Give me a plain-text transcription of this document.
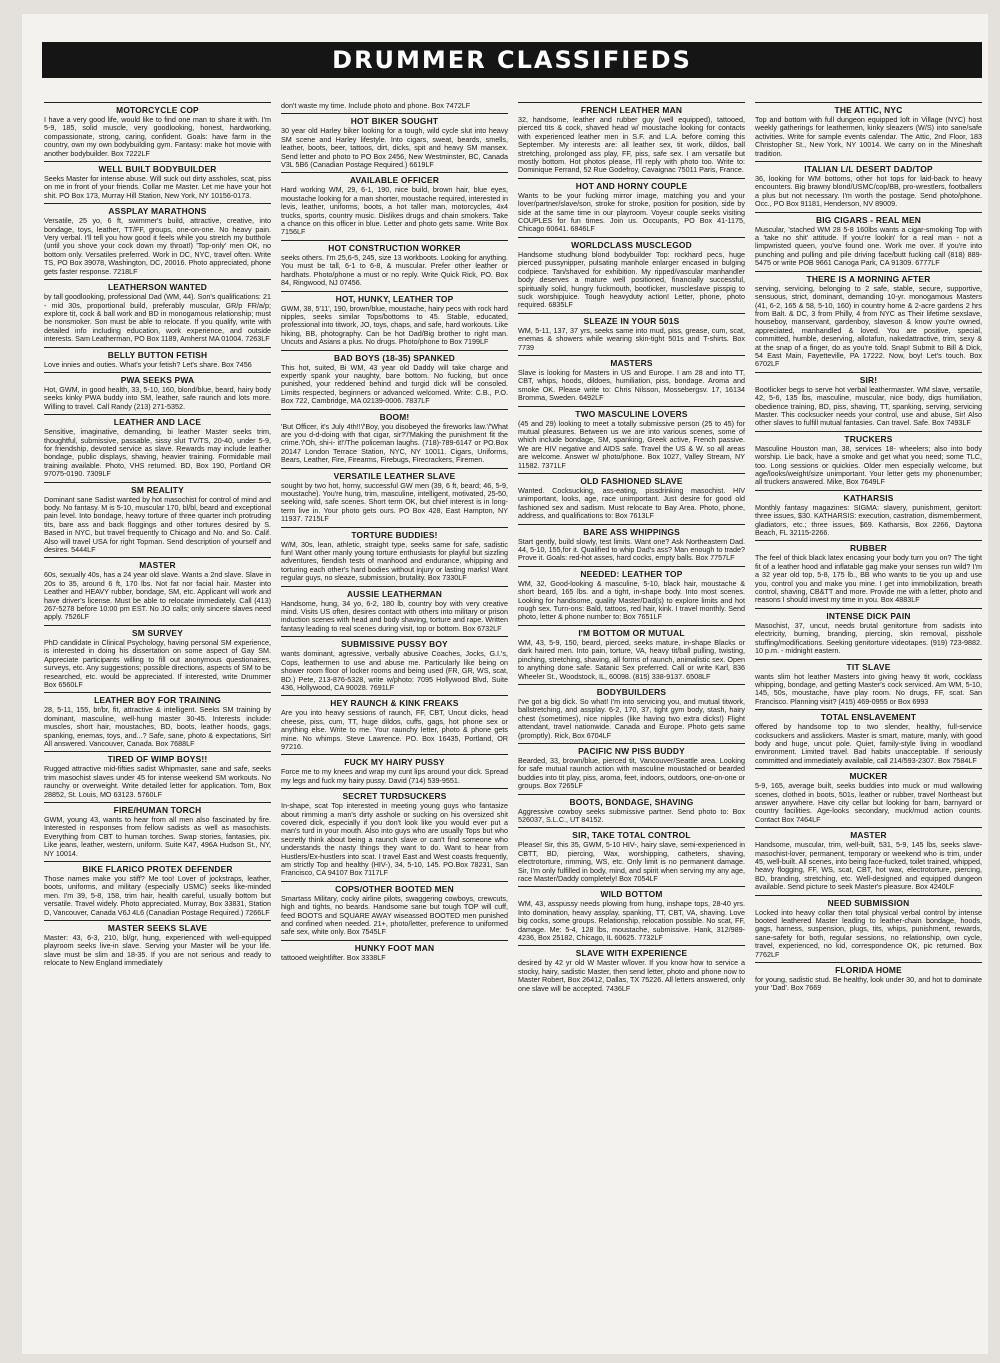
DRUMMER CLASSIFIEDS
MOTORCYCLE COP

I have a very good life, would like to find one man to share it with. I'm 5-9, 185, solid muscle, very goodlooking, honest, hardworking, compassionate, strong, caring, confident. Goals: have farm in the country, own my own bodybuilding gym. Fantasy: make hot movie with another bodybuilder. Box 7222LF

WELL BUILT BODYBUILDER

Seeks Master for intense abuse. Will suck out dirty assholes, scat, piss on me in front of your friends. Collar me Master. Let me have your hot shit. PO Box 173, Murray Hill Station, New York, NY 10156-0173.

ASSPLAY MARATHONS

Versatile, 25 yo, 6 ft, swimmer's build, attractive, creative, into bondage, toys, leather, TT/FF, groups, one-on-one. No heavy pain. Very verbal. I'll tell you how good it feels while you stretch my butthole (until you shove your cock down my throat!) 'Top-only' men OK, no bottom only. Versatiles preferred. Work in DC, NYC, travel often. Write TS, PO Box 39078, Washington, DC, 20016. Photo appreciated, phone gets faster response. 7218LF

LEATHERSON WANTED

by tall goodlooking, professional Dad (WM, 44). Son's qualifications: 21 - mid 30s, proportional build, preferably muscular, GR/p FR/a/p; explore tit, cock & ball work and BD in monogamous relationship; must be nonsmoker. Son must be able to relocate. If you qualify, write with detailed info including education, work experience, and outside interests. Sam Leatherman, PO Box 1189, Amherst MA 01004. 7263LF

BELLY BUTTON FETISH

Love innies and outies. What's your fetish? Let's share. Box 7456

PWA SEEKS PWA

Hot, GWM, in good health, 33, 5-10, 160, blond/blue, beard, hairy body seeks kinky PWA buddy into SM, leather, safe raunch and lots more. Willing to travel. Call Randy (213) 271-5352.

LEATHER AND LACE

Sensitive, imaginative, demanding, bi leather Master seeks trim, thoughtful, submissive, passable, sissy slut TV/TS, 20-40, under 5-9, for friendship, devoted service as slave. Rewards may include leather bondage, public displays, shaving, heavier training. Formidable mail training available. Photo, VHS returned. BD, Box 190, Portland OR 97075-0190. 7309LF

SM REALITY

Dominant sane Sadist wanted by hot masochist for control of mind and body. No fantasy. M is 5-10, muscular 170, bl/bl, beard and exceptional pain level. Into bondage, heavy torture of three quarter inch protruding tits, bare ass and back floggings and other tortures desired by S. Based in NYC, but travel frequently to Chicago and No. and So. Calif. Also will travel USA for right Topman. Send description of yourself and desires. 5444LF

MASTER

60s, sexually 40s, has a 24 year old slave. Wants a 2nd slave. Slave in 20s to 35, around 6 ft, 170 lbs. Not fat nor facial hair. Master into Leather and HEAVY rubber, bondage, SM, etc. Applicant will work and have driver's license. Must be able to relocate immediately. Call (413) 267-5278 before 10:00 pm EST. No JO calls; only sincere slaves need apply. 7526LF

SM SURVEY

PhD candidate in Clinical Psychology, having personal SM experience, is interested in doing his dissertation on some aspect of Gay SM. Appreciate participants willing to fill out anonymous questionaires, surveys, etc. Any suggestions; possible directions, aspects of SM to be researched, etc. would be appreciated. If interested, write Drummer Box 6560LF

LEATHER BOY FOR TRAINING

28, 5-11, 155, br/br, fit, attractive & intelligent. Seeks SM training by dominant, masculine, well-hung master 30-45. Interests include: muscles, short hair, moustaches, BD, boots, leather hoods, gags, spanking, enemas, toys, and...? Safe, sane, photo & expectations, Sir! All answered. Vancouver, Canada. Box 7688LF

TIRED OF WIMP BOYS!!

Rugged attractive mid-fifties sadist Whipmaster, sane and safe, seeks trim masochist slaves under 45 for intense weekend SM workouts. No raunchy or overweight. Write detailed letter for application. Tom, Box 28852, St. Louis, MO 63123. 5760LF

FIRE/HUMAN TORCH

GWM, young 43, wants to hear from all men also fascinated by fire. Interested in responses from fellow sadists as well as masochists. Everything from CBT to human torches. Swap stories, fantasies, pix. Like jeans, leather, western, uniform. Suite K47, 496A Hudson St., NY, NY 10014.

BIKE FLARICO PROTEX DEFENDER

Those names make you stiff? Me too! Lover of jockstraps, leather, boots, uniforms, and military (especially USMC) seeks like-minded men. I'm 39, 5-8, 158, trim hair, health careful, usually bottom but versatile. Travel widely. Photo appreciated. Murray, Box 33831, Station D, Vancouver, Canada V6J 4L6 (Canadian Postage Required.) 7266LF

MASTER SEEKS SLAVE

Master: 43, 6-3, 210, bl/gr, hung, experienced with well-equipped playroom seeks live-in slave. Serving your Master will be your life. slave must be slim and 18-35. If you are not serious and ready to relocate to New England immediately

don't waste my time. Include photo and phone. Box 7472LF

HOT BIKER SOUGHT

30 year old Harley biker looking for a tough, wild cycle slut into heavy SM scene and Harley lifestyle. Into cigars, sweat, beards, smells, leather, boots, beer, tattoos, dirt, dicks, spit and heavy SM mansex. Send letter and photo to PO Box 2456, New Westminster, BC, Canada V3L 5B6 (Canadian Postage Required.) 6619LF

AVAILABLE OFFICER

Hard working WM, 29, 6-1, 190, nice build, brown hair, blue eyes, moustache looking for a man shorter, moustache required, interested in levis, leather, uniforms, boots, a hot taller man, motorcycles, 4x4 trucks, sports, country music. Dislikes drugs and chain smokers. Take a chance on this officer in blue. Letter and photo gets same. Write Box 7156LF

HOT CONSTRUCTION WORKER

seeks others. I'm 25,6-5, 245, size 13 workboots. Looking for anything. You must be tall, 6-1 to 6-8, & muscular. Prefer other leather or hardhats. Photo/phone a must or no reply. Write Quick Rick, PO. Box 84, Ringwood, NJ 07456.

HOT, HUNKY, LEATHER TOP

GWM, 38, 5'11', 190, brown/blue, moustache, hairy pecs with rock hard nipples, seeks similar Tops/bottoms to 45. Stable, educated, professional into titwork, JO, toys, chaps, and safe, hard workouts. Like hiking, BB, photography. Can be hot Dad/Big brother to right man. Uncuts and Asians a plus. No drugs. Photo/phone to Box 7199LF

BAD BOYS (18-35) SPANKED

This hot, suited, Bi WM, 43 year old Daddy will take charge and expertly spank your naughty, bare bottom. No fucking, but once punished, your reddened behind and turgid dick will be consoled. Limits respected, beginners or advanced welcomed. Write: C.B., P.O. Box 722, Cambridge, MA 02139-0006. 7837LF

BOOM!

'But Officer, it's July 4th!!'/'Boy, you disobeyed the fireworks law.'/'What are you d-d-doing with that cigar, sir?'/'Making the punishment fit the crime.'/'Oh, shi-i- it!'/The policeman laughs. (718)-789-6147 or PO.Box 20147 London Terrace Station, NYC, NY 10011. Cigars, Uniforms, Bears, Leather, Fire, Firearms, Firebugs, Firecrackers, Firemen.

VERSATILE LEATHER SLAVE

sought by two hot, horny, successful GW men (39, 6 ft, beard; 46, 5-9, moustache). You're hung, trim, masculine, intelligent, motivated, 25-50, seeking wild, safe scenes. Short term OK, but chief interest is in long-term live in. Your photo gets ours. PO Box 428, East Hampton, NY 11937. 7215LF

TORTURE BUDDIES!

W/M, 30s, lean, athletic, straight type, seeks same for safe, sadistic fun! Want other manly young torture enthusiasts for playful but sizzling adventures, fiendish tests of manhood and endurance, whipping and torturing each other's hard bodies without injury or lasting marks! Want regular guys, no sleaze, submission, brutality. Box 7330LF

AUSSIE LEATHERMAN

Handsome, hung, 34 yo, 6-2, 180 lb, country boy with very creative mind. Visits US often, desires contact with others into military or prison induction scenes with head and body shaving, torture and rape. Written fantasy leading to real scenes during visit, top or bottom. Box 6732LF

SUBMISSIVE PUSSY BOY

wants dominant, agressive, verbally abusive Coaches, Jocks, G.I.'s, Cops, leathermen to use and abuse me. Particularly like being on shower room floor of locker rooms and being used (FR, GR, WS, scat, BD.) Pete, 213-876-5328, write w/photo: 7095 Hollywood Blvd, Suite 436, Hollywood, CA 90028. 7691LF

HEY RAUNCH & KINK FREAKS

Are you into heavy sessions of raunch, FF, CBT, Uncut dicks, head cheese, piss, cum, TT, huge dildos, cuffs, gags, hot phone sex or anything else. Write to me. Your raunchy letter, photo & phone gets mine. No whimps. Steve Lawrence. PO. Box 16435, Portland, OR 97216.

FUCK MY HAIRY PUSSY

Force me to my knees and wrap my cunt lips around your dick. Spread my legs and fuck my hairy pussy. David (714) 539-9551.

SECRET TURDSUCKERS

In-shape, scat Top interested in meeting young guys who fantasize about rimming a man's dirty asshole or sucking on his oversized shit covered dick, especially if you don't look like you would ever put a man's turd in your mouth. Also into guys who are usually Tops but who secretly think about being a raunch slave or can't find someone who understands the nasty things they want to do. Want to hear from Hustlers/Ex-hustlers into scat. I travel East and West coasts frequently, am strictly Top and healthy (HIV-), 34, 5-10, 145. PO.Box 78231, San Francisco, CA 94107 Box 7117LF

COPS/OTHER BOOTED MEN

Smartass Military, cocky airline pilots, swaggering cowboys, crewcuts, high and tights, no beards. Handsome sane but tough TOP will cuff, feed BOOTS and SQUARE AWAY wiseassed BOOTED men punished and confined when needed. 21+, photo/letter, preference to uniformed safe sex, white only. Box 7545LF

HUNKY FOOT MAN

tattooed weightlifter. Box 3338LF

FRENCH LEATHER MAN

32, handsome, leather and rubber guy (well equipped), tattooed, pierced tits & cock, shaved head w/ moustache looking for contacts with experienced leather men in S.F. and L.A. before coming this September. My interests are: all leather sex, tit work, dildos, ball stretching, prolonged ass play, FF, piss, safe sex. I am versatile but mostly bottom. Hot photos please, I'll reply with photo too. Write to: Dominique Ferrand, 52 Rue Godefroy, Cavaignac 75011 Paris, France.

HOT AND HORNY COUPLE

Wants to be your fucking mirror image, matching you and your lover/partner/slave/son, stroke for stroke, position for position, side by side at the same time in our playroom. Voyeur couple seeks visiting COUPLES for fun times. Join us. Occupants, PO Box 41-1175, Chicago 60641. 6846LF

WORLDCLASS MUSCLEGOD

Handsome studhung blond bodybuilder Top: rockhard pecs, huge pierced pussynipper, pulsating manhole enlarger encased in bulging codpiece. Tan/shaved for exhibition. My ripped/vascular manhandler body deserves a mature well positioned, financially successful, spiritually solid, hungry fuckmouth, bootlicker, muscleslave pisspig to suck worshipjuice. Tough heavyduty action! Letter, phone, photo required. 6835LF

SLEAZE IN YOUR 501S

WM, 5-11, 137, 37 yrs, seeks same into mud, piss, grease, cum, scat, enemas & showers while wearing skin-tight 501s and T-shirts. Box 7739

MASTERS

Slave is looking for Masters in US and Europe. I am 28 and into TT, CBT, whips, hoods, dildoes, humiliation, piss, bondage. Aroma and smoke OK. Please write to: Chris Nilsson, Mossebergsv. 17, 16134 Bromma, Sweden. 6492LF

TWO MASCULINE LOVERS

(45 and 29) looking to meet a totally submissive person (25 to 45) for mutual pleasures. Between us we are into various scenes, some of which include bondage, SM, spanking, Greek active, French passive. We are HIV negative and AIDS safe. Travel the US & W. so all areas are welcome. Answer w/ photo/phone. Box 1027, Valley Stream, NY 11582. 7371LF

OLD FASHIONED SLAVE

Wanted. Cocksucking, ass-eating, pissdrinking masochist. HIV unimportant, looks, age, race unimportant. Just desire for good old fashioned sex and sadism. Must relocate to Bay Area. Photo, phone, address, and qualifications to: Box 7613LF

BARE ASS WHIPPINGS

Start gently, build slowly, test limits. Want one? Ask Northeastern Dad. 44, 5-10, 155,for it. Qualified to whip Dad's ass? Man enough to trade? Prove it. Goals: red-hot asses, hard cocks, empty balls. Box 7757LF

NEEDED: LEATHER TOP

WM, 32, Good-looking & masculine, 5-10, black hair, moustache & short beard, 165 lbs. and a tight, in-shape body. Into most scenes. Looking for handsome, quality Master/Dad(s) to explore limits and hot rough sex. Turn-ons: Bald, tattoos, red hair, kink. I travel monthly. Send photo, letter & phone number to: Box 7651LF

I'M BOTTOM OR MUTUAL

WM, 43, 5-9, 150, beard, pierced, seeks mature, in-shape Blacks or dark haired men. Into pain, torture, VA, heavy tit/ball pulling, twisting, pinching, stretching, shaving, all forms of raunch, animalistic sex. Open to anything done safe. Satanic Sex preferred. Call or write Karl, 836 Wheeler St., Woodstock, IL, 60098. (815) 338-9137. 6508LF

BODYBUILDERS

I've got a big dick. So what! I'm into servicing you, and mutual titwork, ballstretching, and assplay. 6-2, 170, 37, tight gym body, stash, hairy chest (sometimes), nice nipples (like having two extra dicks!) Flight attendant, travel nationwide. Canada and Europe. Photo gets same (promptly). Rick, Box 6704LF

PACIFIC NW PISS BUDDY

Bearded, 33, brown/blue, pierced tit, Vancouver/Seattle area. Looking for safe mutual raunch action with masculine moustached or bearded buddies into tit play, piss, aroma, feet, indoors, outdoors, one-on-one or groups. Box 7265LF

BOOTS, BONDAGE, SHAVING

Aggressive cowboy seeks submissive partner. Send photo to: Box 526037, S.L.C., UT 84152.

SIR, TAKE TOTAL CONTROL

Please! Sir, this 35, GWM, 5-10 HIV-, hairy slave, semi-experienced in CBTT, BD, piercing, Wax, worshipping, catheters, shaving, electrotorture, rimming, WS, etc. Only limit is no permanent damage. Sir, I'm only fulfilled in body, mind, and spirit when serving my any age, race Master/Daddy completely! Box 7054LF

WILD BOTTOM

WM, 43, asspussy needs plowing from hung, inshape tops, 28-40 yrs. Into domination, heavy assplay, spanking, TT, CBT, VA, shaving. Love big cocks, some groups. Relationship, relocation possible. No scat, FF, damage. Me: 5-4, 128 lbs, moustache, submissive. Hank, 312/989-4236, Box 25182, Chicago, IL 60625. 7732LF

SLAVE WITH EXPERIENCE

desired by 42 yr old W Master w/lover. If you know how to service a stocky, hairy, sadistic Master, then send letter, photo and phone now to Master Robert, Box 26412, Dallas, TX 75226. All letters answered, only one slave will be accepted. 7436LF

THE ATTIC, NYC

Top and bottom with full dungeon equipped loft in Village (NYC) host weekly gatherings for leathermen, kinky sleazers (W/S) into sane/safe activities. Write for sample events calendar. The Attic, 2nd Floor, 183 Christopher St., New York, NY 10014. We carry on in the Mineshaft tradition.

ITALIAN L/L DESERT DAD/TOP

36, looking for WM bottoms, other hot tops for laid-back to heavy encounters. Big brawny blond/USMC/cop/BB, pro-wrestlers, footballers a plus but not necessary. I'm worth the postage. Send photo/phone. Occ., PO Box 91181, Henderson, NV 89009.

BIG CIGARS - REAL MEN

Muscular, 'stached WM 28 5-8 160lbs wants a cigar-smoking Top with a 'take no shit' attitude. If you're lookin' for a real man - not a limpwristed queen, you've found one. Work me over. If you're into punching and pulling and pile driving face/butt fucking call (818) 889-5475 or write POB 9661 Canoga Park, CA 91309. 6777LF

THERE IS A MORNING AFTER

serving, servicing, belonging to 2 safe, stable, secure, supportive, sensuous, strict, dominant, demanding 10-yr. monogamous Masters (41, 6-2, 165 & 58, 5-10, 160) in country home & 2-acre gardens 2 hrs from Balt. & DC, 3 from Philly, 4 from NYC as Their lifetime sexslave, houseboy, manservant, gardenboy, slaveson & know you're owned, appreciated, manhandled & loved. You are positive, special, committed, humble, deserving, allotafun, nakedattractive, trim, sexy & at the snap of a finger, do as you're told. Snap! Submit to Bill & Dick, 54 East Main, Fayetteville, PA 17222. Now, boy! Let's touch. Box 6702LF

SIR!

Bootlicker begs to serve hot verbal leathermaster. WM slave, versatile, 42, 5-6, 135 lbs, masculine, muscular, nice body, digs humiliation, obedience training, BD, piss, shaving, TT, spanking, serving, servicing Master. This cocksucker needs your control, use and abuse, Sir! Also other slaves to fulfill mutual fantasies. Can travel. Safe. Box 7493LF

TRUCKERS

Masculine Houston man, 38, services 18- wheelers; also into body worship. Lie back, have a smoke and get what you need; some TLC, too. Long sessions or quickies. Older men especially welcome, but age/looks/weight/size unimportant. Your letter gets my phonenumber; all truckers answered. Mike, Box 7649LF

KATHARSIS

Monthly fantasy magazines: SIGMA: slavery, punishment, genitort: three issues, $30. KATHARSIS: execution, castration, dismemberment, gladiators, etc.; three issues, $69. Katharsis, Box 2266, Daytona Beach, FL 32115-2266.

RUBBER

The feel of thick black latex encasing your body turn you on? The tight fit of a leather hood and inflatable gag make your senses run wild? I'm a 32 year old top, 5-8, 175 lb., BB who wants to tie you up and use you, control you and make you mine. I get into immobilization, breath control, shaving, CB&TT and more. Provide me with a letter, photo and reasons I should invest my time in you. Box 4883LF

INTENSE DICK PAIN

Masochist, 37, uncut, needs brutal genitorture from sadists into electricity, burning, branding, piercing, skin removal, pisshole stuffing/modifications. Seeking genitorture videotapes. (919) 723-9882. 10 p.m. - midnight eastern.

TIT SLAVE

wants slim hot leather Masters into giving heavy tit work, cocklass whipping, bondage, and getting Master's cock serviced. Am WM, 5-10, 145, 50s, moustache, have play room. No drugs, FF, scat. San Francisco. Planning visit? (415) 469-0955 or Box 6993

TOTAL ENSLAVEMENT

offered by handsome top to two slender, healthy, full-service cocksuckers and asslickers. Master is smart, mature, manly, with good body and huge, uncut pole. Quiet, family-style living in woodland environment. Limited travel. Bad habits unacceptable. If seriously committed and immediately available, call 214/593-2307. Box 7584LF

MUCKER

5-9, 165, average built, seeks buddies into muck or mud wallowing scenes, clothed in boots, 501s, leather or rubber, travel Northeast but answer anywhere. Have city cellar but looking for barn, barnyard or country facilities. Age-looks secondary, muck/mud action counts. Contact Box 7464LF

MASTER

Handsome, muscular, trim, well-built, 531, 5-9, 145 lbs, seeks slave-masochist-lover, permanent, temporary or weekend who is trim, under 45, well-built. All scenes, into being face-fucked, toilet trained, whipped, heavy flogging, FF, WS, scat, CBT, hot wax, electrotorture, piercing, BD, branding, stretching, etc. Well-designed and equipped dungeon available. Send picture to seek Master's pleasure. Box 4240LF

NEED SUBMISSION

Locked into heavy collar then total physical verbal control by intense booted leathered Master leading to leather-chain bondage, hoods, gags, harness, suspension, plugs, tits, whips, punishment, rewards, sane-safety for both, regular sessions, no relationship, own cycle, travel, experienced, no kid, correspondence OK, pic returned. Box 7762LF

FLORIDA HOME

for young, sadistic stud. Be healthy, look under 30, and hot to dominate your 'Dad'. Box 7669
